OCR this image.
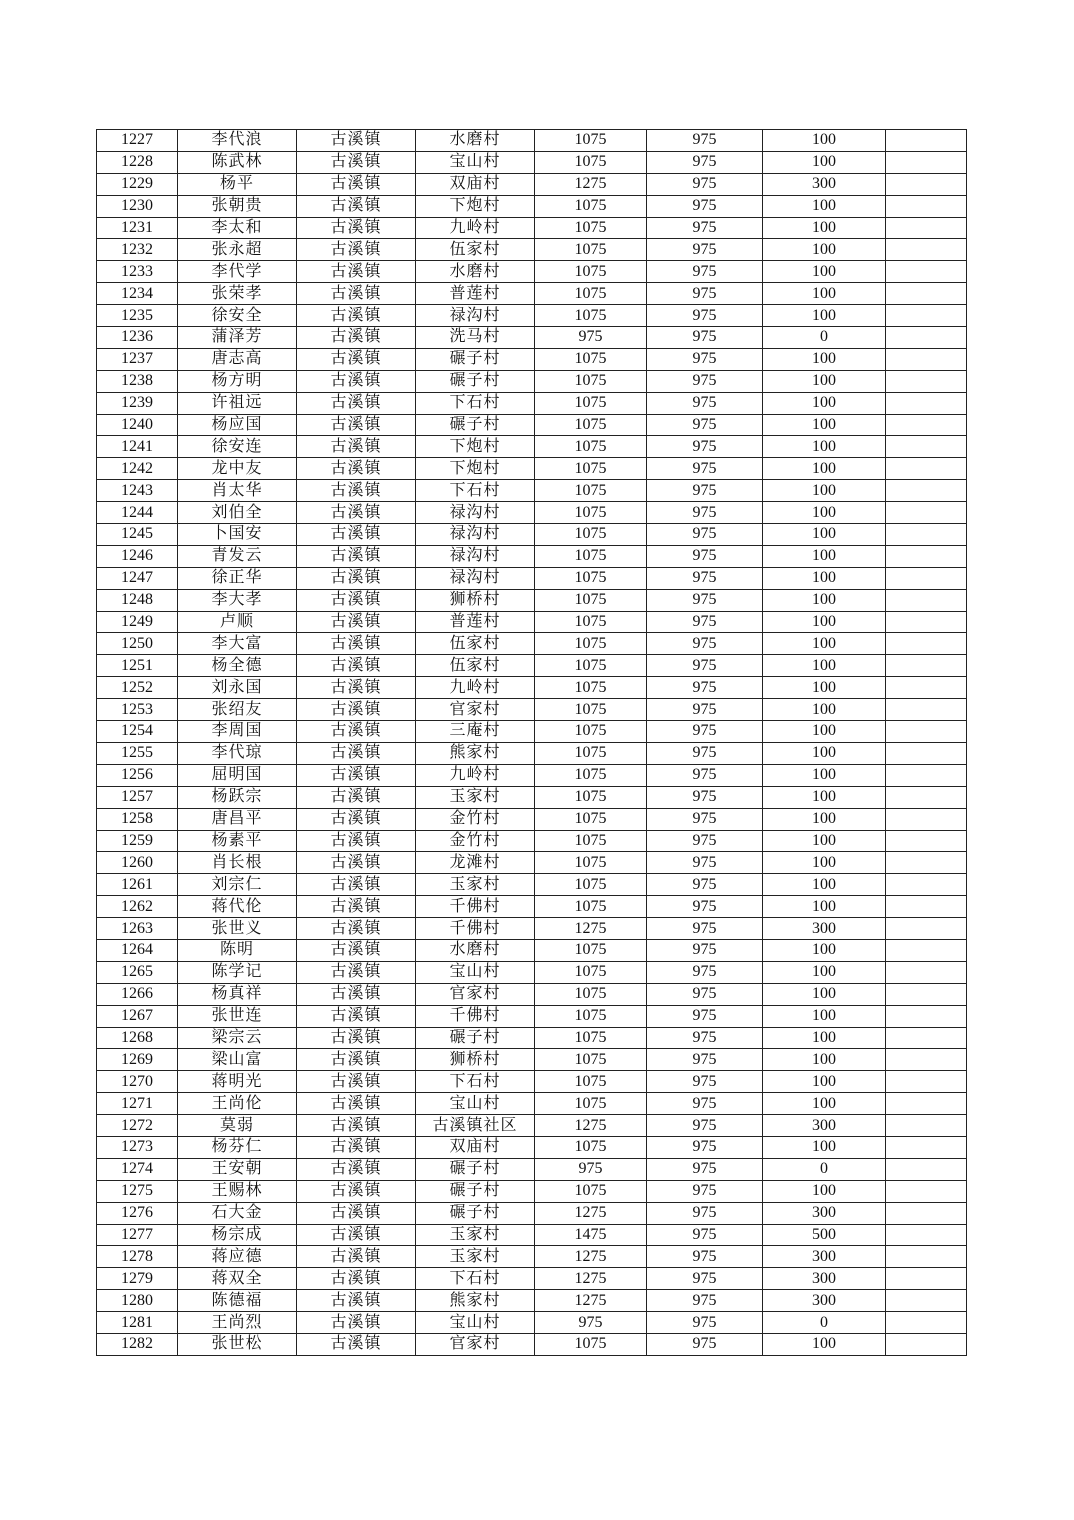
1227	李代浪	古溪镇	水磨村	1075	975	100	
1228	陈武林	古溪镇	宝山村	1075	975	100	
1229	杨平	古溪镇	双庙村	1275	975	300	
1230	张朝贵	古溪镇	下炮村	1075	975	100	
1231	李太和	古溪镇	九岭村	1075	975	100	
1232	张永超	古溪镇	伍家村	1075	975	100	
1233	李代学	古溪镇	水磨村	1075	975	100	
1234	张荣孝	古溪镇	普莲村	1075	975	100	
1235	徐安全	古溪镇	禄沟村	1075	975	100	
1236	蒲泽芳	古溪镇	洗马村	975	975	0	
1237	唐志高	古溪镇	碾子村	1075	975	100	
1238	杨方明	古溪镇	碾子村	1075	975	100	
1239	许祖远	古溪镇	下石村	1075	975	100	
1240	杨应国	古溪镇	碾子村	1075	975	100	
1241	徐安连	古溪镇	下炮村	1075	975	100	
1242	龙中友	古溪镇	下炮村	1075	975	100	
1243	肖太华	古溪镇	下石村	1075	975	100	
1244	刘伯全	古溪镇	禄沟村	1075	975	100	
1245	卜国安	古溪镇	禄沟村	1075	975	100	
1246	青发云	古溪镇	禄沟村	1075	975	100	
1247	徐正华	古溪镇	禄沟村	1075	975	100	
1248	李大孝	古溪镇	狮桥村	1075	975	100	
1249	卢顺	古溪镇	普莲村	1075	975	100	
1250	李大富	古溪镇	伍家村	1075	975	100	
1251	杨全德	古溪镇	伍家村	1075	975	100	
1252	刘永国	古溪镇	九岭村	1075	975	100	
1253	张绍友	古溪镇	官家村	1075	975	100	
1254	李周国	古溪镇	三庵村	1075	975	100	
1255	李代琼	古溪镇	熊家村	1075	975	100	
1256	屈明国	古溪镇	九岭村	1075	975	100	
1257	杨跃宗	古溪镇	玉家村	1075	975	100	
1258	唐昌平	古溪镇	金竹村	1075	975	100	
1259	杨素平	古溪镇	金竹村	1075	975	100	
1260	肖长根	古溪镇	龙滩村	1075	975	100	
1261	刘宗仁	古溪镇	玉家村	1075	975	100	
1262	蒋代伦	古溪镇	千佛村	1075	975	100	
1263	张世义	古溪镇	千佛村	1275	975	300	
1264	陈明	古溪镇	水磨村	1075	975	100	
1265	陈学记	古溪镇	宝山村	1075	975	100	
1266	杨真祥	古溪镇	官家村	1075	975	100	
1267	张世连	古溪镇	千佛村	1075	975	100	
1268	梁宗云	古溪镇	碾子村	1075	975	100	
1269	梁山富	古溪镇	狮桥村	1075	975	100	
1270	蒋明光	古溪镇	下石村	1075	975	100	
1271	王尚伦	古溪镇	宝山村	1075	975	100	
1272	莫弱	古溪镇	古溪镇社区	1275	975	300	
1273	杨芬仁	古溪镇	双庙村	1075	975	100	
1274	王安朝	古溪镇	碾子村	975	975	0	
1275	王赐林	古溪镇	碾子村	1075	975	100	
1276	石大金	古溪镇	碾子村	1275	975	300	
1277	杨宗成	古溪镇	玉家村	1475	975	500	
1278	蒋应德	古溪镇	玉家村	1275	975	300	
1279	蒋双全	古溪镇	下石村	1275	975	300	
1280	陈德福	古溪镇	熊家村	1275	975	300	
1281	王尚烈	古溪镇	宝山村	975	975	0	
1282	张世松	古溪镇	官家村	1075	975	100	
